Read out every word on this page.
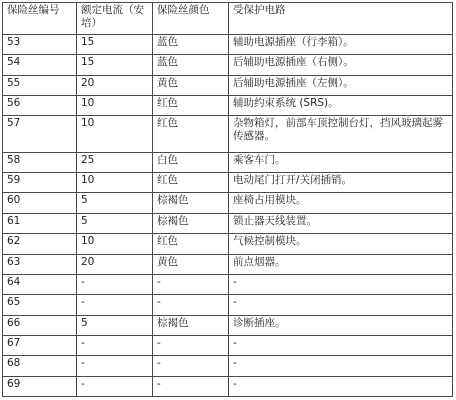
保险丝编号	额定电流（安培）	保险丝颜色	受保护电路
53	15	蓝色	辅助电源插座（行李箱）。
54	15	蓝色	后辅助电源插座（右侧）。
55	20	黄色	后辅助电源插座（左侧）。
56	10	红色	辅助约束系统 (SRS)。
57	10	红色	杂物箱灯，前部车顶控制台灯，挡风玻璃起雾传感器。
58	25	白色	乘客车门。
59	10	红色	电动尾门打开/关闭插销。
60	5	棕褐色	座椅占用模块。
61	5	棕褐色	锁止器天线装置。
62	10	红色	气候控制模块。
63	20	黄色	前点烟器。
64	-	-	-
65	-	-	-
66	5	棕褐色	诊断插座。
67	-	-	-
68	-	-	-
69	-	-	-
